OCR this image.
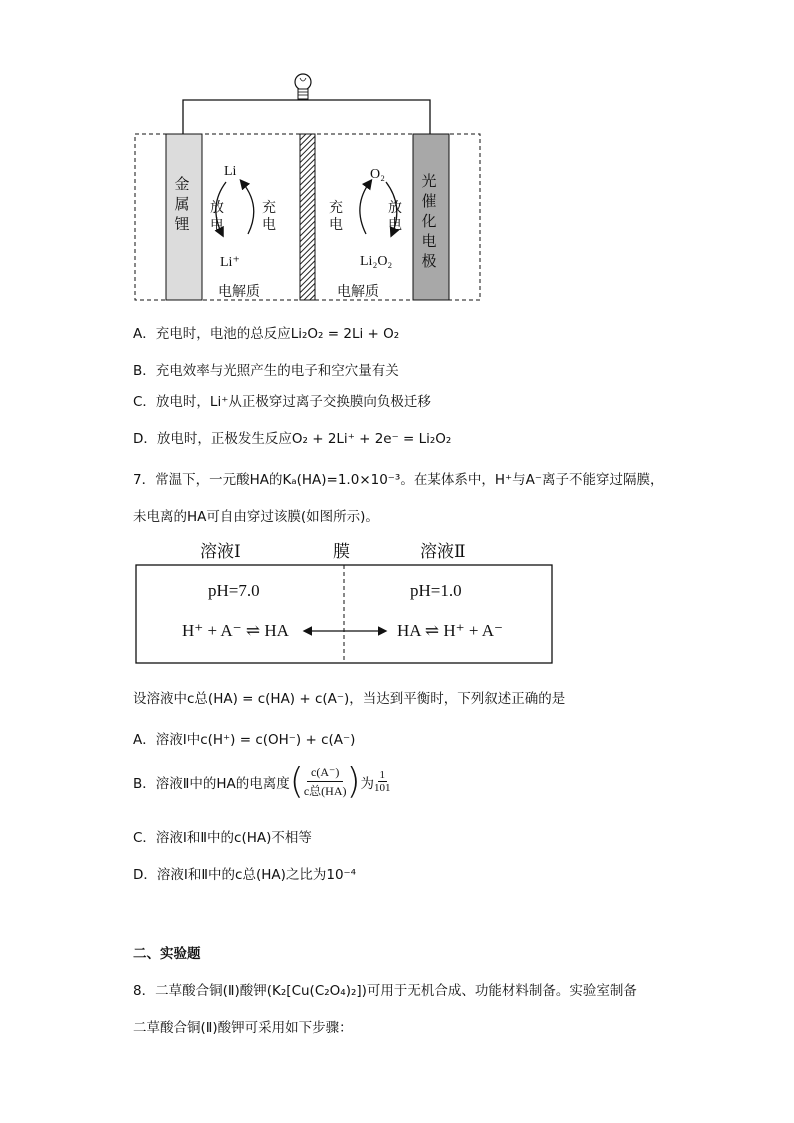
金属锂
光催化电极
Li
Li⁺
放电
充电
O₂
Li₂O₂
充电
放电
电解质	电解质
A．充电时，电池的总反应Li₂O₂ = 2Li + O₂
B．充电效率与光照产生的电子和空穴量有关
C．放电时，Li⁺从正极穿过离子交换膜向负极迁移
D．放电时，正极发生反应O₂ + 2Li⁺ + 2e⁻ = Li₂O₂
7．常温下，一元酸HA的Kₐ(HA)=1.0×10⁻³。在某体系中，H⁺与A⁻离子不能穿过隔膜，
未电离的HA可自由穿过该膜(如图所示)。
溶液Ⅰ	膜	溶液Ⅱ
pH=7.0	pH=1.0
H⁺ + A⁻ ⇌ HA	HA ⇌ H⁺ + A⁻
设溶液中c总(HA) = c(HA) + c(A⁻)，当达到平衡时，下列叙述正确的是
A．溶液Ⅰ中c(H⁺) = c(OH⁻) + c(A⁻)
B．溶液Ⅱ中的HA的电离度 ( c(A⁻)
c总(HA) ) 为 $\frac{1}{101}$
C．溶液Ⅰ和Ⅱ中的c(HA)不相等
D．溶液Ⅰ和Ⅱ中的c总(HA)之比为10⁻⁴
二、实验题
8．二草酸合铜(Ⅱ)酸钾(K₂[Cu(C₂O₄)₂])可用于无机合成、功能材料制备。实验室制备
二草酸合铜(Ⅱ)酸钾可采用如下步骤：
